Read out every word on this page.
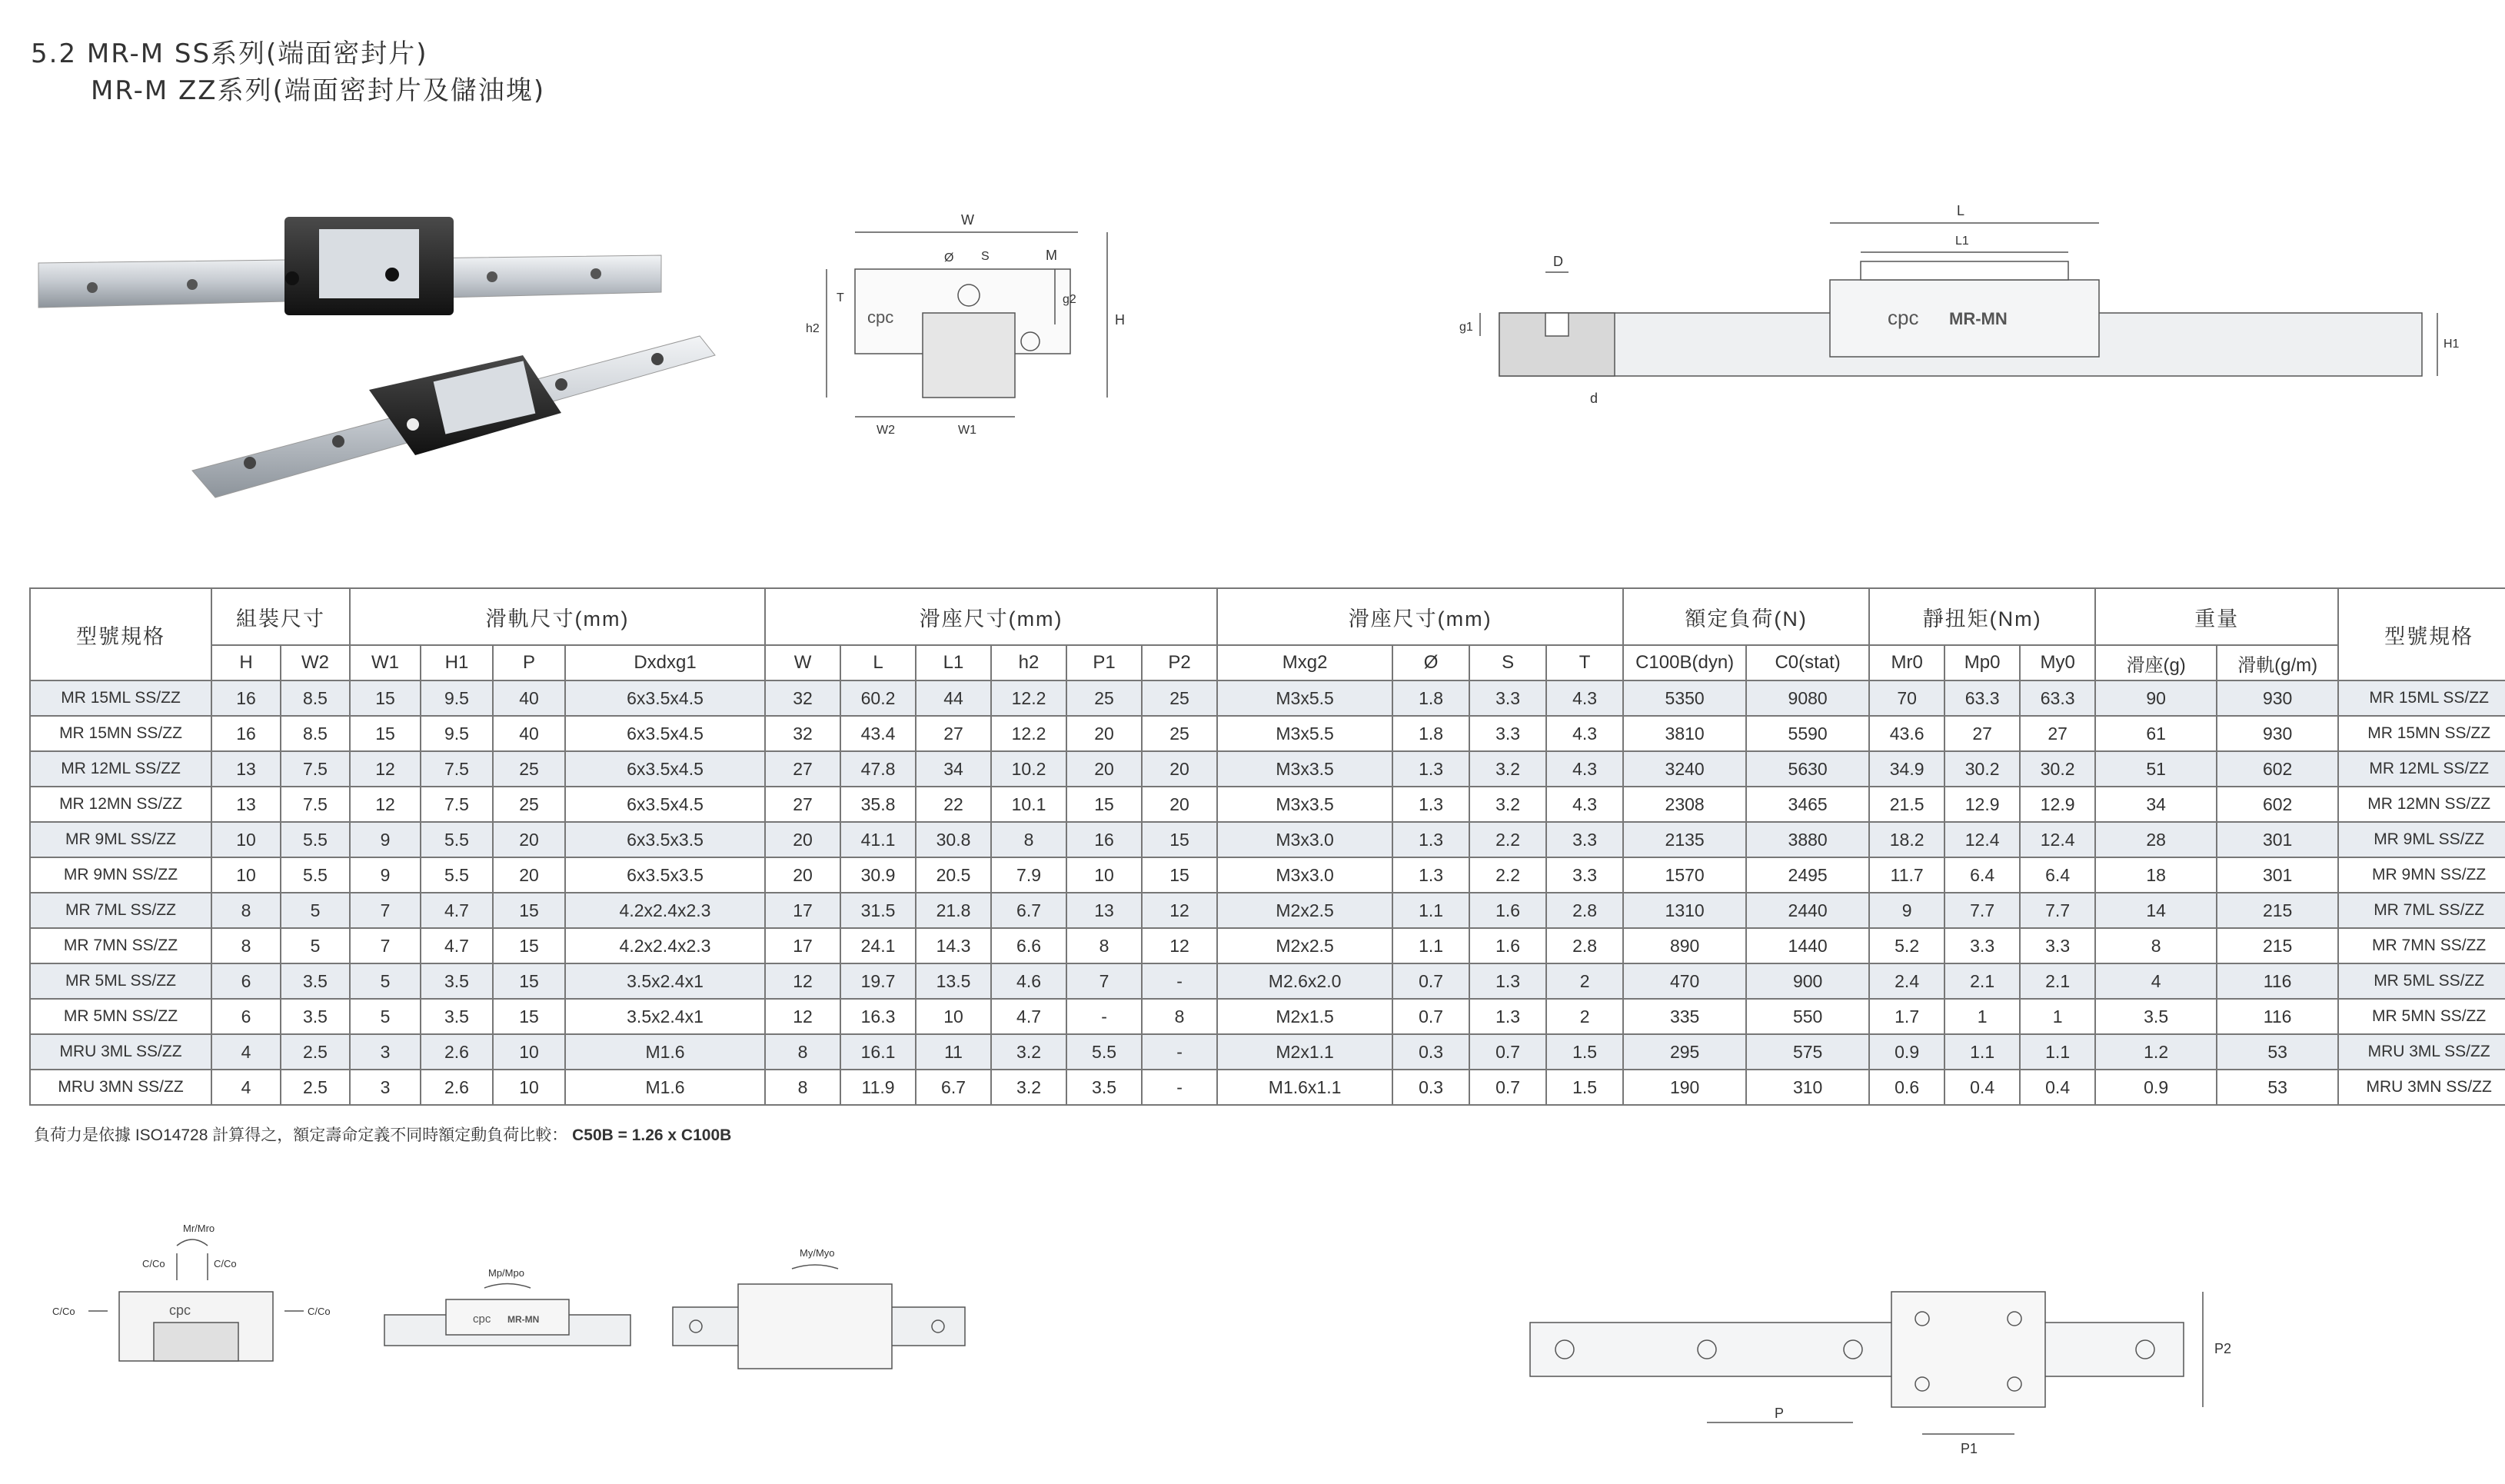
5.2 MR-M SS系列(端面密封片)
MR-M ZZ系列(端面密封片及儲油塊)
W
cpc
Ø S	M
T
h2
g2
H
W2	W1
L
L1
D
g1
d
H1
cpc MR-MN
型號規格	組裝尺寸		滑軌尺寸(mm)				滑座尺寸(mm)						滑座尺寸(mm)				額定負荷(N)		靜扭矩(Nm)			重量		型號規格
	H	W2	W1	H1	P	Dxdxg1	W	L	L1	h2	P1	P2	Mxg2	Ø	S	T	C100B(dyn)	C0(stat)	Mr0	Mp0	My0	滑座(g)	滑軌(g/m)	
MR 15ML SS/ZZ	16	8.5	15	9.5	40	6x3.5x4.5	32	60.2	44	12.2	25	25	M3x5.5	1.8	3.3	4.3	5350	9080	70	63.3	63.3	90	930	MR 15ML SS/ZZ
MR 15MN SS/ZZ	16	8.5	15	9.5	40	6x3.5x4.5	32	43.4	27	12.2	20	25	M3x5.5	1.8	3.3	4.3	3810	5590	43.6	27	27	61	930	MR 15MN SS/ZZ
MR 12ML SS/ZZ	13	7.5	12	7.5	25	6x3.5x4.5	27	47.8	34	10.2	20	20	M3x3.5	1.3	3.2	4.3	3240	5630	34.9	30.2	30.2	51	602	MR 12ML SS/ZZ
MR 12MN SS/ZZ	13	7.5	12	7.5	25	6x3.5x4.5	27	35.8	22	10.1	15	20	M3x3.5	1.3	3.2	4.3	2308	3465	21.5	12.9	12.9	34	602	MR 12MN SS/ZZ
MR 9ML SS/ZZ	10	5.5	9	5.5	20	6x3.5x3.5	20	41.1	30.8	8	16	15	M3x3.0	1.3	2.2	3.3	2135	3880	18.2	12.4	12.4	28	301	MR 9ML SS/ZZ
MR 9MN SS/ZZ	10	5.5	9	5.5	20	6x3.5x3.5	20	30.9	20.5	7.9	10	15	M3x3.0	1.3	2.2	3.3	1570	2495	11.7	6.4	6.4	18	301	MR 9MN SS/ZZ
MR 7ML SS/ZZ	8	5	7	4.7	15	4.2x2.4x2.3	17	31.5	21.8	6.7	13	12	M2x2.5	1.1	1.6	2.8	1310	2440	9	7.7	7.7	14	215	MR 7ML SS/ZZ
MR 7MN SS/ZZ	8	5	7	4.7	15	4.2x2.4x2.3	17	24.1	14.3	6.6	8	12	M2x2.5	1.1	1.6	2.8	890	1440	5.2	3.3	3.3	8	215	MR 7MN SS/ZZ
MR 5ML SS/ZZ	6	3.5	5	3.5	15	3.5x2.4x1	12	19.7	13.5	4.6	7	-	M2.6x2.0	0.7	1.3	2	470	900	2.4	2.1	2.1	4	116	MR 5ML SS/ZZ
MR 5MN SS/ZZ	6	3.5	5	3.5	15	3.5x2.4x1	12	16.3	10	4.7	-	8	M2x1.5	0.7	1.3	2	335	550	1.7	1	1	3.5	116	MR 5MN SS/ZZ
MRU 3ML SS/ZZ	4	2.5	3	2.6	10	M1.6	8	16.1	11	3.2	5.5	-	M2x1.1	0.3	0.7	1.5	295	575	0.9	1.1	1.1	1.2	53	MRU 3ML SS/ZZ
MRU 3MN SS/ZZ	4	2.5	3	2.6	10	M1.6	8	11.9	6.7	3.2	3.5	-	M1.6x1.1	0.3	0.7	1.5	190	310	0.6	0.4	0.4	0.9	53	MRU 3MN SS/ZZ
負荷力是依據 ISO14728 計算得之，額定壽命定義不同時額定動負荷比較： C50B = 1.26 x C100B
Mr/Mro
C/Co	C/Co
C/Co	C/Co
cpc
Mp/Mpo
cpc MR-MN
My/Myo
P
P1
P2
